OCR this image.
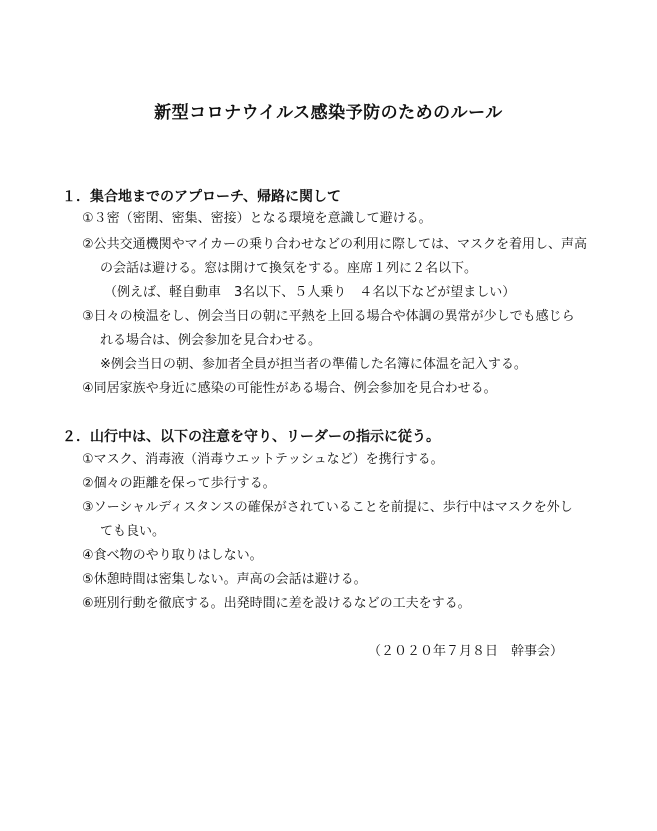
新型コロナウイルス感染予防のためのルール
１．集合地までのアプローチ、帰路に関して

①３密（密閉、密集、密接）となる環境を意識して避ける。

②公共交通機関やマイカーの乗り合わせなどの利用に際しては、マスクを着用し、声高

の会話は避ける。窓は開けて換気をする。座席１列に２名以下。

（例えば、軽自動車　3名以下、５人乗り　４名以下などが望ましい）

③日々の検温をし、例会当日の朝に平熱を上回る場合や体調の異常が少しでも感じら

れる場合は、例会参加を見合わせる。

※例会当日の朝、参加者全員が担当者の準備した名簿に体温を記入する。

④同居家族や身近に感染の可能性がある場合、例会参加を見合わせる。

２．山行中は、以下の注意を守り、リーダーの指示に従う。

①マスク、消毒液（消毒ウエットテッシュなど）を携行する。

②個々の距離を保って歩行する。

③ソーシャルディスタンスの確保がされていることを前提に、歩行中はマスクを外し

ても良い。

④食べ物のやり取りはしない。

⑤休憩時間は密集しない。声高の会話は避ける。

⑥班別行動を徹底する。出発時間に差を設けるなどの工夫をする。

（２０２０年７月８日　幹事会）
